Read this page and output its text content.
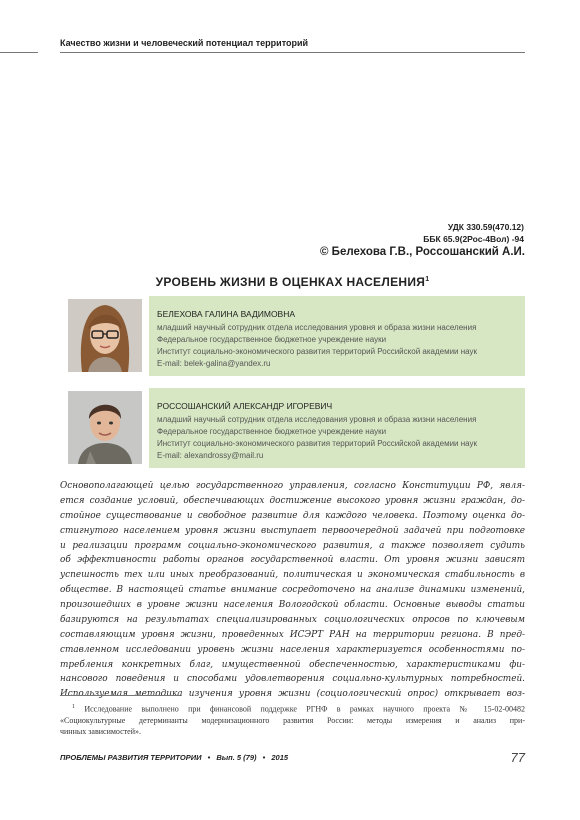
Качество жизни и человеческий потенциал территорий
УДК 330.59(470.12)
ББК 65.9(2Рос-4Вол) -94
© Белехова Г.В., Россошанский А.И.
УРОВЕНЬ ЖИЗНИ В ОЦЕНКАХ НАСЕЛЕНИЯ$^1$
БЕЛЕХОВА ГАЛИНА ВАДИМОВНА
младший научный сотрудник отдела исследования уровня и образа жизни населения
Федеральное государственное бюджетное учреждение науки
Институт социально-экономического развития территорий Российской академии наук
E-mail: belek-galina@yandex.ru
РОССОШАНСКИЙ АЛЕКСАНДР ИГОРЕВИЧ
младший научный сотрудник отдела исследования уровня и образа жизни населения
Федеральное государственное бюджетное учреждение науки
Институт социально-экономического развития территорий Российской академии наук
E-mail: alexandrossy@mail.ru
Основополагающей целью государственного управления, согласно Конституции РФ, явля-
ется создание условий, обеспечивающих достижение высокого уровня жизни граждан, до-
стойное существование и свободное развитие для каждого человека. Поэтому оценка до-
стигнутого населением уровня жизни выступает первоочередной задачей при подготовке
и реализации программ социально-экономического развития, а также позволяет судить
об эффективности работы органов государственной власти. От уровня жизни зависят
успешность тех или иных преобразований, политическая и экономическая стабильность в
обществе. В настоящей статье внимание сосредоточено на анализе динамики изменений,
произошедших в уровне жизни населения Вологодской области. Основные выводы статьи
базируются на результатах специализированных социологических опросов по ключевым
составляющим уровня жизни, проведенных ИСЭРТ РАН на территории региона. В пред-
ставленном исследовании уровень жизни населения характеризуется особенностями по-
требления конкретных благ, имущественной обеспеченностью, характеристиками фи-
нансового поведения и способами удовлетворения социально-культурных потребностей.
Используемая методика изучения уровня жизни (социологический опрос) открывает воз-
$^1$ Исследование выполнено при финансовой поддержке РГНФ в рамках научного проекта № 15-02-00482
«Социокультурные детерминанты модернизационного развития России: методы измерения и анализ при-
чинных зависимостей».
ПРОБЛЕМЫ РАЗВИТИЯ ТЕРРИТОРИИ • Вып. 5 (79) • 2015	77
